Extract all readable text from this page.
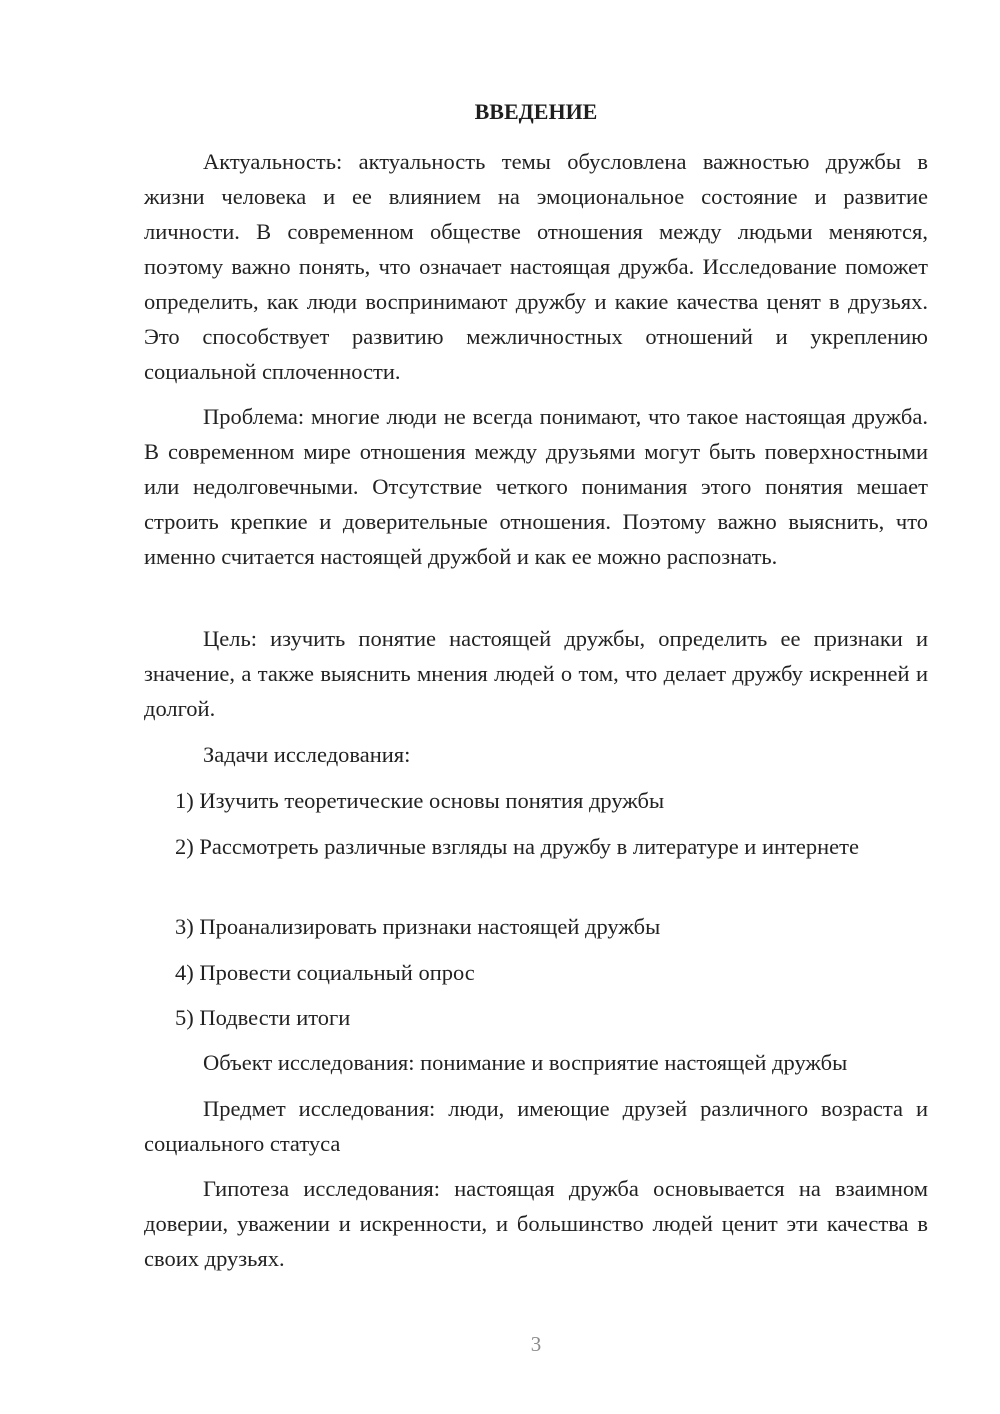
ВВЕДЕНИЕ

Актуальность: актуальность темы обусловлена важностью дружбы в жизни человека и ее влиянием на эмоциональное состояние и развитие личности. В современном обществе отношения между людьми меняются, поэтому важно понять, что означает настоящая дружба. Исследование поможет определить, как люди воспринимают дружбу и какие качества ценят в друзьях. Это способствует развитию межличностных отношений и укреплению социальной сплоченности.

Проблема: многие люди не всегда понимают, что такое настоящая дружба. В современном мире отношения между друзьями могут быть поверхностными или недолговечными. Отсутствие четкого понимания этого понятия мешает строить крепкие и доверительные отношения. Поэтому важно выяснить, что именно считается настоящей дружбой и как ее можно распознать.

Цель: изучить понятие настоящей дружбы, определить ее признаки и значение, а также выяснить мнения людей о том, что делает дружбу искренней и долгой.

Задачи исследования:

1) Изучить теоретические основы понятия дружбы

2) Рассмотреть различные взгляды на дружбу в литературе и интернете

3) Проанализировать признаки настоящей дружбы

4) Провести социальный опрос

5) Подвести итоги

Объект исследования: понимание и восприятие настоящей дружбы

Предмет исследования: люди, имеющие друзей различного возраста и социального статуса

Гипотеза исследования: настоящая дружба основывается на взаимном доверии, уважении и искренности, и большинство людей ценит эти качества в своих друзьях.

3
